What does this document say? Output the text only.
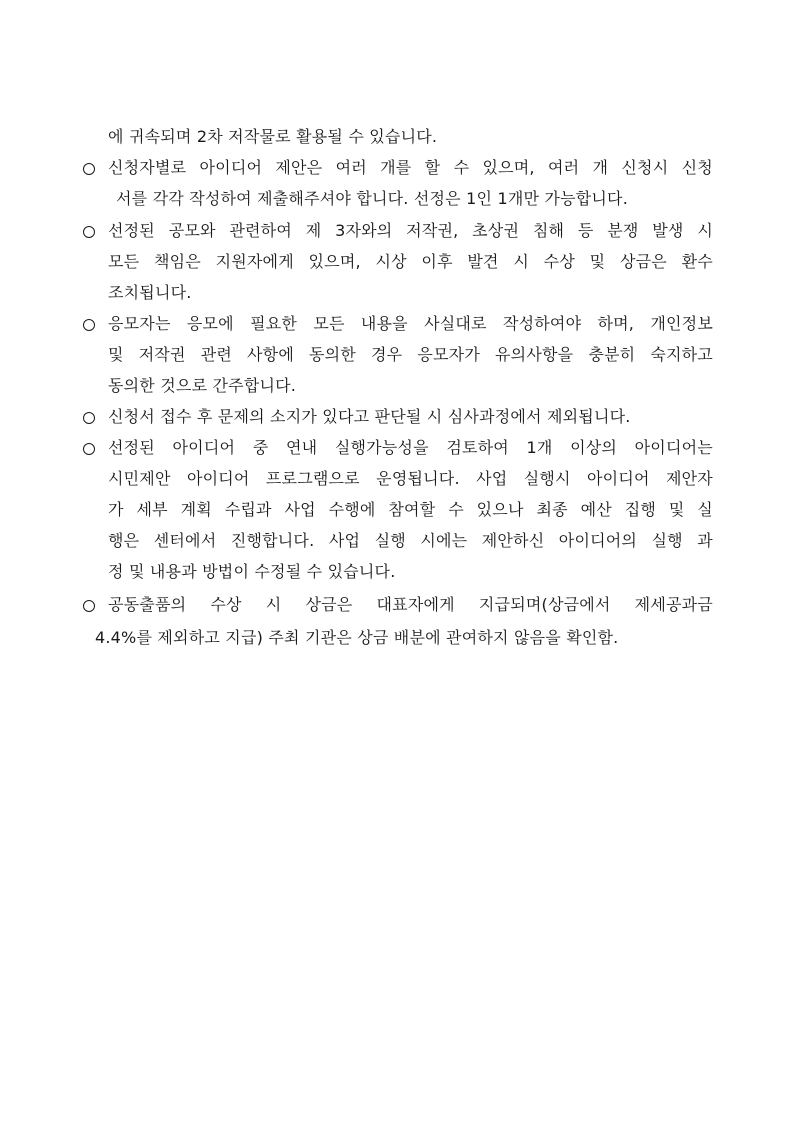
에 귀속되며 2차 저작물로 활용될 수 있습니다.
신청자별로 아이디어 제안은 여러 개를 할 수 있으며, 여러 개 신청시 신청
서를 각각 작성하여 제출해주셔야 합니다. 선정은 1인 1개만 가능합니다.
선정된 공모와 관련하여 제 3자와의 저작권, 초상권 침해 등 분쟁 발생 시
모든 책임은 지원자에게 있으며, 시상 이후 발견 시 수상 및 상금은 환수
조치됩니다.
응모자는 응모에 필요한 모든 내용을 사실대로 작성하여야 하며, 개인정보
및 저작권 관련 사항에 동의한 경우 응모자가 유의사항을 충분히 숙지하고
동의한 것으로 간주합니다.
신청서 접수 후 문제의 소지가 있다고 판단될 시 심사과정에서 제외됩니다.
선정된 아이디어 중 연내 실행가능성을 검토하여 1개 이상의 아이디어는
시민제안 아이디어 프로그램으로 운영됩니다. 사업 실행시 아이디어 제안자
가 세부 계획 수립과 사업 수행에 참여할 수 있으나 최종 예산 집행 및 실
행은 센터에서 진행합니다. 사업 실행 시에는 제안하신 아이디어의 실행 과
정 및 내용과 방법이 수정될 수 있습니다.
공동출품의 수상 시 상금은 대표자에게 지급되며(상금에서 제세공과금
4.4%를 제외하고 지급) 주최 기관은 상금 배분에 관여하지 않음을 확인함.
